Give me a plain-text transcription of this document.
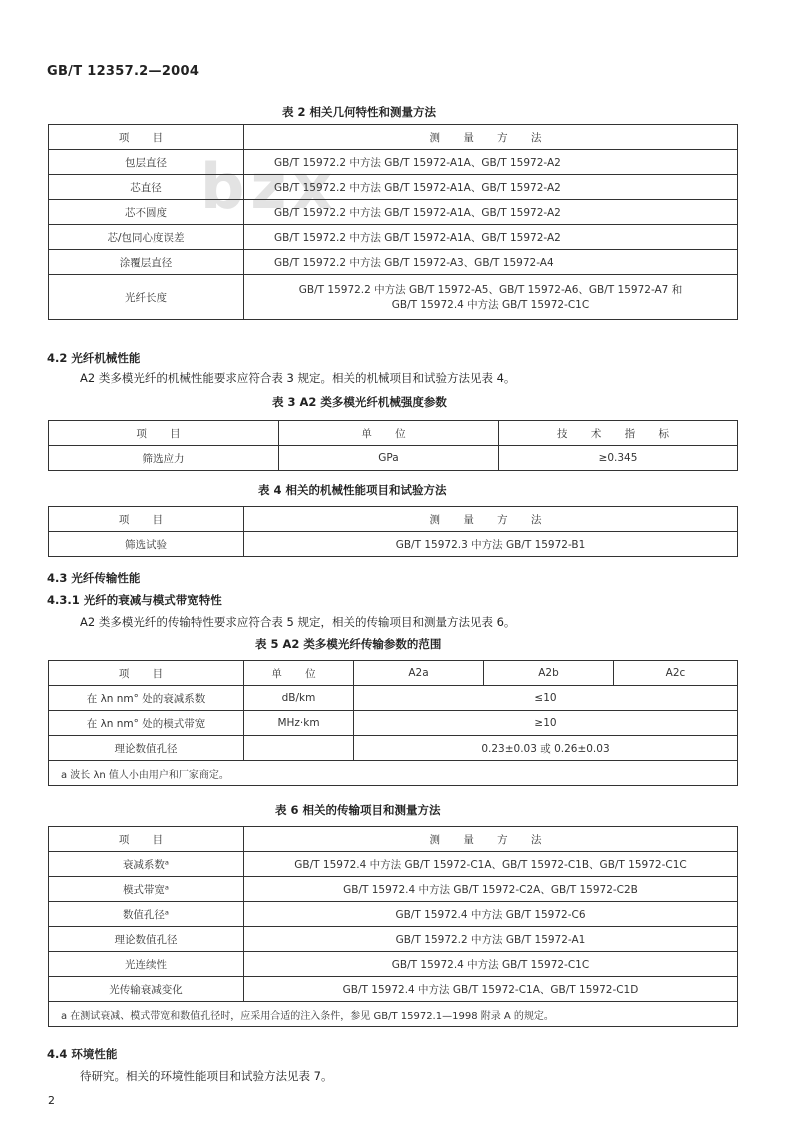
GB/T 12357.2—2004
bzx
表 2 相关几何特性和测量方法
项 目	测 量 方 法
包层直径	GB/T 15972.2 中方法 GB/T 15972-A1A、GB/T 15972-A2
芯直径	GB/T 15972.2 中方法 GB/T 15972-A1A、GB/T 15972-A2
芯不圆度	GB/T 15972.2 中方法 GB/T 15972-A1A、GB/T 15972-A2
芯/包同心度误差	GB/T 15972.2 中方法 GB/T 15972-A1A、GB/T 15972-A2
涂覆层直径	GB/T 15972.2 中方法 GB/T 15972-A3、GB/T 15972-A4
光纤长度	GB/T 15972.2 中方法 GB/T 15972-A5、GB/T 15972-A6、GB/T 15972-A7 和
GB/T 15972.4 中方法 GB/T 15972-C1C
4.2 光纤机械性能
A2 类多模光纤的机械性能要求应符合表 3 规定。相关的机械项目和试验方法见表 4。
表 3 A2 类多模光纤机械强度参数
项 目	单 位	技 术 指 标
筛选应力	GPa	≥0.345
表 4 相关的机械性能项目和试验方法
项 目	测 量 方 法
筛选试验	GB/T 15972.3 中方法 GB/T 15972-B1
4.3 光纤传输性能
4.3.1 光纤的衰减与模式带宽特性
A2 类多模光纤的传输特性要求应符合表 5 规定，相关的传输项目和测量方法见表 6。
表 5 A2 类多模光纤传输参数的范围
项 目	单 位	A2a	A2b	A2c
在 λn nm° 处的衰减系数	dB/km	≤10		
在 λn nm° 处的模式带宽	MHz·km	≥10		
理论数值孔径		0.23±0.03 或 0.26±0.03		
a 波长 λn 值人小由用户和厂家商定。				
表 6 相关的传输项目和测量方法
项 目	测 量 方 法
衰减系数ᵃ	GB/T 15972.4 中方法 GB/T 15972-C1A、GB/T 15972-C1B、GB/T 15972-C1C
模式带宽ᵃ	GB/T 15972.4 中方法 GB/T 15972-C2A、GB/T 15972-C2B
数值孔径ᵃ	GB/T 15972.4 中方法 GB/T 15972-C6
理论数值孔径	GB/T 15972.2 中方法 GB/T 15972-A1
光连续性	GB/T 15972.4 中方法 GB/T 15972-C1C
光传输衰减变化	GB/T 15972.4 中方法 GB/T 15972-C1A、GB/T 15972-C1D
a 在测试衰减、模式带宽和数值孔径时，应采用合适的注入条件，参见 GB/T 15972.1—1998 附录 A 的规定。	
4.4 环境性能
待研究。相关的环境性能项目和试验方法见表 7。
2
